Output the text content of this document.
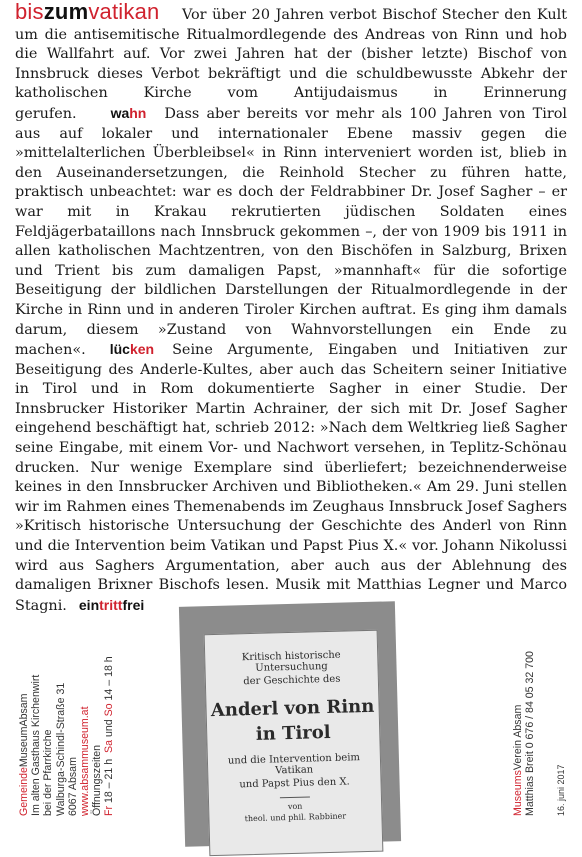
biszumvatikan Vor über 20 Jahren verbot Bischof Stecher den Kult um die antisemitische Ritualmordlegende des Andreas von Rinn und hob die Wallfahrt auf. Vor zwei Jahren hat der (bisher letzte) Bischof von Innsbruck dieses Verbot bekräftigt und die schuldbewusste Abkehr der katholischen Kirche vom Antijudaismus in Erinnerung gerufen. wahn Dass aber bereits vor mehr als 100 Jahren von Tirol aus auf lokaler und internationaler Ebene massiv gegen die »mittelalterlichen Überbleibsel« in Rinn interveniert worden ist, blieb in den Auseinandersetzungen, die Reinhold Stecher zu führen hatte, praktisch unbeachtet: war es doch der Feldrabbiner Dr. Josef Sagher – er war mit in Krakau rekrutierten jüdischen Soldaten eines Feldjägerbataillons nach Innsbruck gekommen –, der von 1909 bis 1911 in allen katholischen Machtzentren, von den Bischöfen in Salzburg, Brixen und Trient bis zum damaligen Papst, »mannhaft« für die sofortige Beseitigung der bildlichen Darstellungen der Ritualmordlegende in der Kirche in Rinn und in anderen Tiroler Kirchen auftrat. Es ging ihm damals darum, diesem »Zustand von Wahnvorstellungen ein Ende zu machen«. lücken Seine Argumente, Eingaben und Initiativen zur Beseitigung des Anderle-Kultes, aber auch das Scheitern seiner Initiative in Tirol und in Rom dokumentierte Sagher in einer Studie. Der Innsbrucker Historiker Martin Achrainer, der sich mit Dr. Josef Sagher eingehend beschäftigt hat, schrieb 2012: »Nach dem Weltkrieg ließ Sagher seine Eingabe, mit einem Vor- und Nachwort versehen, in Teplitz-Schönau drucken. Nur wenige Exemplare sind überliefert; bezeichnenderweise keines in den Innsbrucker Archiven und Bibliotheken.« Am 29. Juni stellen wir im Rahmen eines Themenabends im Zeughaus Innsbruck Josef Saghers »Kritisch historische Untersuchung der Geschichte des Anderl von Rinn und die Intervention beim Vatikan und Papst Pius X.« vor. Johann Nikolussi wird aus Saghers Argumentation, aber auch aus der Ablehnung des damaligen Brixner Bischofs lesen. Musik mit Matthias Legner und Marco Stagni. eintrittfrei
Kritisch historische Untersuchung
der Geschichte des
Anderl von Rinn
in Tirol
und die Intervention beim Vatikan
und Papst Pius den X.
von
theol. und phil. Rabbiner
GemeindeMuseumAbsam Im alten Gasthaus Kirchenwirt bei der Pfarrkirche Walburga-Schindl-Straße 31 6067 Absam www.absammuseum.at Öffnungszeiten Fr 18 – 21 h  Sa und So 14 – 18 h
MuseumsVerein Absam Matthias Breit 0 676 / 84 05 32 700 16. juni 2017
